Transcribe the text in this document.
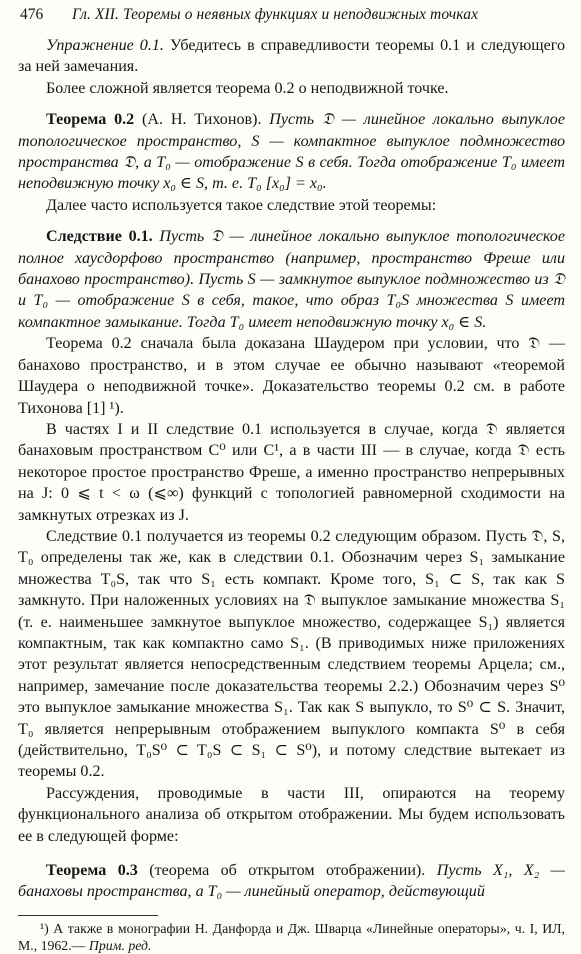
476	Гл. XII. Теоремы о неявных функциях и неподвижных точках

Упражнение 0.1. Убедитесь в справедливости теоремы 0.1 и следующего за ней замечания.

Более сложной является теорема 0.2 о неподвижной точке.

Теорема 0.2 (А. Н. Тихонов). Пусть 𝔇 — линейное локально выпуклое топологическое пространство, S — компактное выпуклое подмножество пространства 𝔇, а T₀ — отображение S в себя. Тогда отображение T₀ имеет неподвижную точку x₀ ∈ S, т. е. T₀ [x₀] = x₀.

Далее часто используется такое следствие этой теоремы:

Следствие 0.1. Пусть 𝔇 — линейное локально выпуклое топологическое полное хаусдорфово пространство (например, пространство Фреше или банахово пространство). Пусть S — замкнутое выпуклое подмножество из 𝔇 и T₀ — отображение S в себя, такое, что образ T₀S множества S имеет компактное замыкание. Тогда T₀ имеет неподвижную точку x₀ ∈ S.

Теорема 0.2 сначала была доказана Шаудером при условии, что 𝔇 — банахово пространство, и в этом случае ее обычно называют «теоремой Шаудера о неподвижной точке». Доказательство теоремы 0.2 см. в работе Тихонова [1] ¹).

В частях I и II следствие 0.1 используется в случае, когда 𝔇 является банаховым пространством C⁰ или C¹, а в части III — в случае, когда 𝔇 есть некоторое простое пространство Фреше, а именно пространство непрерывных на J: 0 ⩽ t < ω (⩽∞) функций с топологией равномерной сходимости на замкнутых отрезках из J.

Следствие 0.1 получается из теоремы 0.2 следующим образом. Пусть 𝔇, S, T₀ определены так же, как в следствии 0.1. Обозначим через S₁ замыкание множества T₀S, так что S₁ есть компакт. Кроме того, S₁ ⊂ S, так как S замкнуто. При наложенных условиях на 𝔇 выпуклое замыкание множества S₁ (т. е. наименьшее замкнутое выпуклое множество, содержащее S₁) является компактным, так как компактно само S₁. (В приводимых ниже приложениях этот результат является непосредственным следствием теоремы Арцела; см., например, замечание после доказательства теоремы 2.2.) Обозначим через S⁰ это выпуклое замыкание множества S₁. Так как S выпукло, то S⁰ ⊂ S. Значит, T₀ является непрерывным отображением выпуклого компакта S⁰ в себя (действительно, T₀S⁰ ⊂ T₀S ⊂ S₁ ⊂ S⁰), и потому следствие вытекает из теоремы 0.2.

Рассуждения, проводимые в части III, опираются на теорему функционального анализа об открытом отображении. Мы будем использовать ее в следующей форме:

Теорема 0.3 (теорема об открытом отображении). Пусть X₁, X₂ — банаховы пространства, а T₀ — линейный оператор, действующий

¹) А также в монографии Н. Данфорда и Дж. Шварца «Линейные операторы», ч. I, ИЛ, М., 1962.— Прим. ред.
